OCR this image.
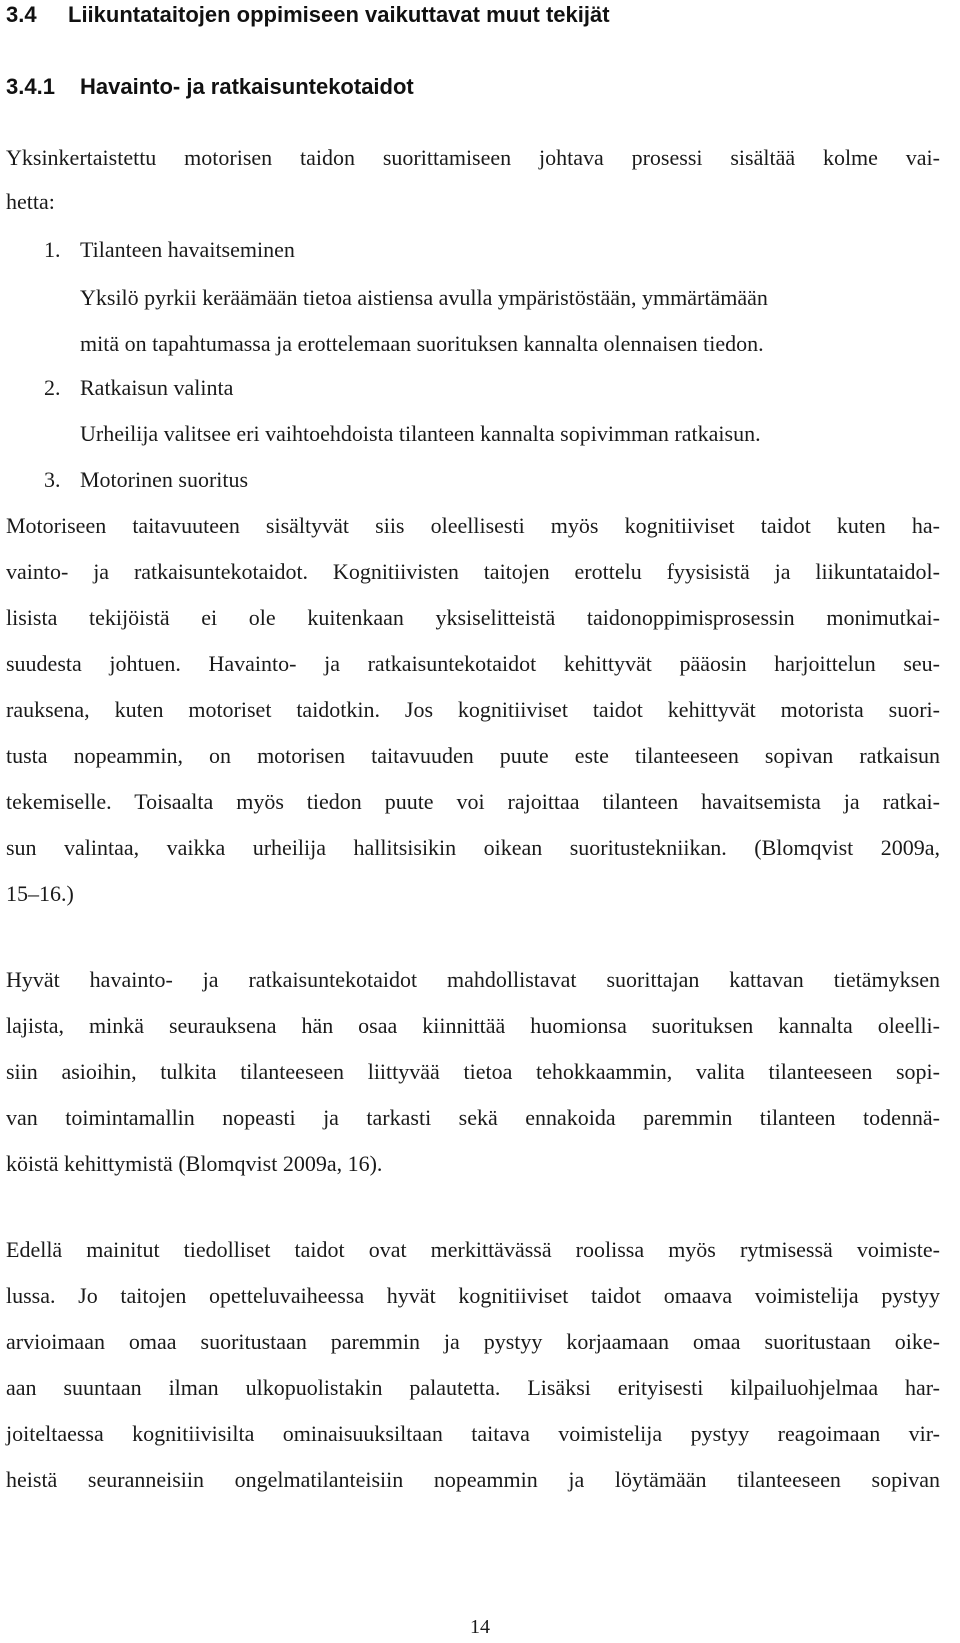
3.4 Liikuntataitojen oppimiseen vaikuttavat muut tekijät
3.4.1 Havainto- ja ratkaisuntekotaidot

Yksinkertaistettu motorisen taidon suorittamiseen johtava prosessi sisältää kolme vai-

hetta:

1. Tilanteen havaitseminen

Yksilö pyrkii keräämään tietoa aistiensa avulla ympäristöstään, ymmärtämään

mitä on tapahtumassa ja erottelemaan suorituksen kannalta olennaisen tiedon.

2. Ratkaisun valinta

Urheilija valitsee eri vaihtoehdoista tilanteen kannalta sopivimman ratkaisun.

3. Motorinen suoritus

Motoriseen taitavuuteen sisältyvät siis oleellisesti myös kognitiiviset taidot kuten ha-

vainto- ja ratkaisuntekotaidot. Kognitiivisten taitojen erottelu fyysisistä ja liikuntataidol-

lisista tekijöistä ei ole kuitenkaan yksiselitteistä taidonoppimisprosessin monimutkai-

suudesta johtuen. Havainto- ja ratkaisuntekotaidot kehittyvät pääosin harjoittelun seu-

rauksena, kuten motoriset taidotkin. Jos kognitiiviset taidot kehittyvät motorista suori-

tusta nopeammin, on motorisen taitavuuden puute este tilanteeseen sopivan ratkaisun

tekemiselle. Toisaalta myös tiedon puute voi rajoittaa tilanteen havaitsemista ja ratkai-

sun valintaa, vaikka urheilija hallitsisikin oikean suoritustekniikan. (Blomqvist 2009a,

15–16.)

Hyvät havainto- ja ratkaisuntekotaidot mahdollistavat suorittajan kattavan tietämyksen

lajista, minkä seurauksena hän osaa kiinnittää huomionsa suorituksen kannalta oleelli-

siin asioihin, tulkita tilanteeseen liittyvää tietoa tehokkaammin, valita tilanteeseen sopi-

van toimintamallin nopeasti ja tarkasti sekä ennakoida paremmin tilanteen todennä-

köistä kehittymistä (Blomqvist 2009a, 16).

Edellä mainitut tiedolliset taidot ovat merkittävässä roolissa myös rytmisessä voimiste-

lussa. Jo taitojen opetteluvaiheessa hyvät kognitiiviset taidot omaava voimistelija pystyy

arvioimaan omaa suoritustaan paremmin ja pystyy korjaamaan omaa suoritustaan oike-

aan suuntaan ilman ulkopuolistakin palautetta. Lisäksi erityisesti kilpailuohjelmaa har-

joiteltaessa kognitiivisilta ominaisuuksiltaan taitava voimistelija pystyy reagoimaan vir-

heistä seuranneisiin ongelmatilanteisiin nopeammin ja löytämään tilanteeseen sopivan

14
